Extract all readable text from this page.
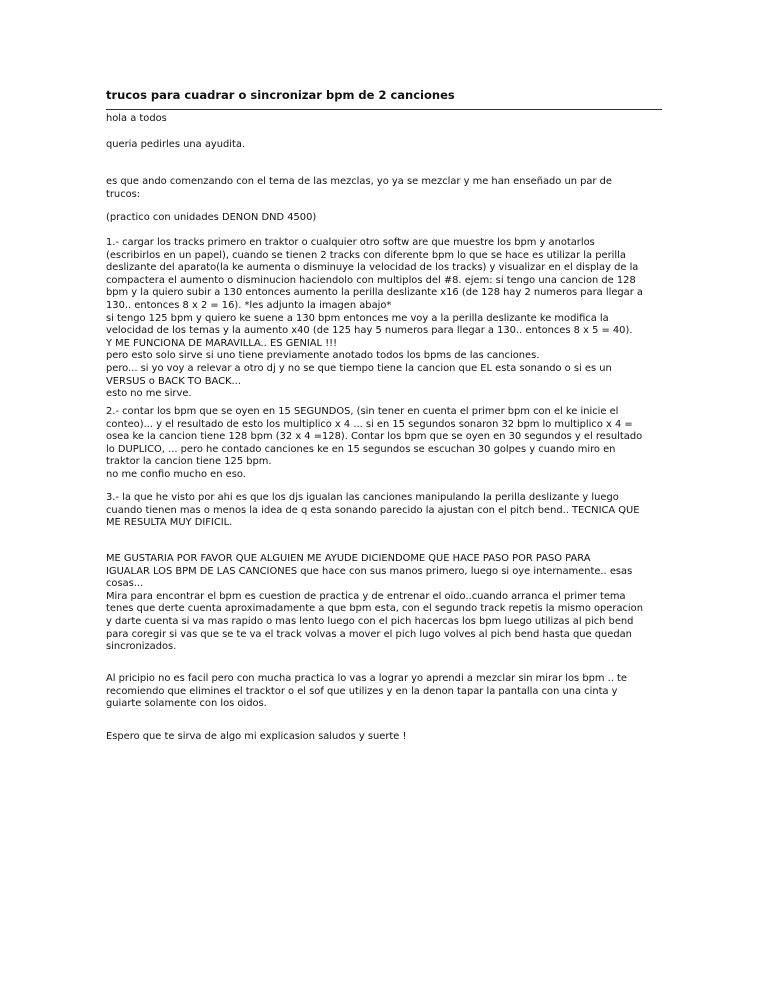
trucos para cuadrar o sincronizar bpm de 2 canciones
hola a todos
queria pedirles una ayudita.
es que ando comenzando con el tema de las mezclas, yo ya se mezclar y me han enseñado un par de
trucos:
(practico con unidades DENON DND 4500)
1.- cargar los tracks primero en traktor o cualquier otro softw are que muestre los bpm y anotarlos
(escribirlos en un papel), cuando se tienen 2 tracks con diferente bpm lo que se hace es utilizar la perilla
deslizante del aparato(la ke aumenta o disminuye la velocidad de los tracks) y visualizar en el display de la
compactera el aumento o disminucion haciendolo con multiplos del #8. ejem: si tengo una cancion de 128
bpm y la quiero subir a 130 entonces aumento la perilla deslizante x16 (de 128 hay 2 numeros para llegar a
130.. entonces 8 x 2 = 16). *les adjunto la imagen abajo*
si tengo 125 bpm y quiero ke suene a 130 bpm entonces me voy a la perilla deslizante ke modifica la
velocidad de los temas y la aumento x40 (de 125 hay 5 numeros para llegar a 130.. entonces 8 x 5 = 40).
Y ME FUNCIONA DE MARAVILLA.. ES GENIAL !!!
pero esto solo sirve si uno tiene previamente anotado todos los bpms de las canciones.
pero... si yo voy a relevar a otro dj y no se que tiempo tiene la cancion que EL esta sonando o si es un
VERSUS o BACK TO BACK...
esto no me sirve.
2.- contar los bpm que se oyen en 15 SEGUNDOS, (sin tener en cuenta el primer bpm con el ke inicie el
conteo)... y el resultado de esto los multiplico x 4 ... si en 15 segundos sonaron 32 bpm lo multiplico x 4 =
osea ke la cancion tiene 128 bpm (32 x 4 =128). Contar los bpm que se oyen en 30 segundos y el resultado
lo DUPLICO, ... pero he contado canciones ke en 15 segundos se escuchan 30 golpes y cuando miro en
traktor la cancion tiene 125 bpm.
no me confio mucho en eso.
3.- la que he visto por ahi es que los djs igualan las canciones manipulando la perilla deslizante y luego
cuando tienen mas o menos la idea de q esta sonando parecido la ajustan con el pitch bend.. TECNICA QUE
ME RESULTA MUY DIFICIL.
ME GUSTARIA POR FAVOR QUE ALGUIEN ME AYUDE DICIENDOME QUE HACE PASO POR PASO PARA
IGUALAR LOS BPM DE LAS CANCIONES que hace con sus manos primero, luego si oye internamente.. esas
cosas...
Mira para encontrar el bpm es cuestion de practica y de entrenar el oido..cuando arranca el primer tema
tenes que derte cuenta aproximadamente a que bpm esta, con el segundo track repetis la mismo operacion
y darte cuenta si va mas rapido o mas lento luego con el pich hacercas los bpm luego utilizas al pich bend
para coregir si vas que se te va el track volvas a mover el pich lugo volves al pich bend hasta que quedan
sincronizados.
Al pricipio no es facil pero con mucha practica lo vas a lograr yo aprendi a mezclar sin mirar los bpm .. te
recomiendo que elimines el tracktor o el sof que utilizes y en la denon tapar la pantalla con una cinta y
guiarte solamente con los oidos.
Espero que te sirva de algo mi explicasion saludos y suerte !
